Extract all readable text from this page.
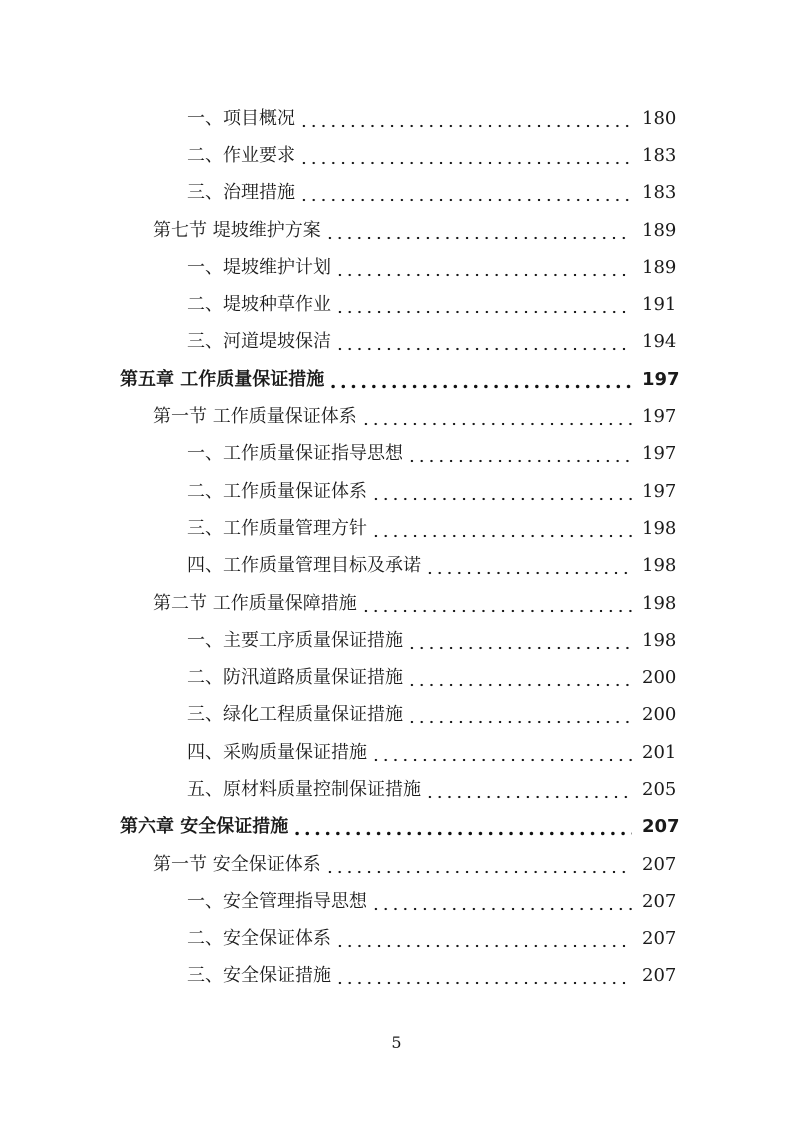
一、项目概况	180
二、作业要求	183
三、治理措施	183
第七节 堤坡维护方案	189
一、堤坡维护计划	189
二、堤坡种草作业	191
三、河道堤坡保洁	194
第五章 工作质量保证措施	197
第一节 工作质量保证体系	197
一、工作质量保证指导思想	197
二、工作质量保证体系	197
三、工作质量管理方针	198
四、工作质量管理目标及承诺	198
第二节 工作质量保障措施	198
一、主要工序质量保证措施	198
二、防汛道路质量保证措施	200
三、绿化工程质量保证措施	200
四、采购质量保证措施	201
五、原材料质量控制保证措施	205
第六章 安全保证措施	207
第一节 安全保证体系	207
一、安全管理指导思想	207
二、安全保证体系	207
三、安全保证措施	207
5
